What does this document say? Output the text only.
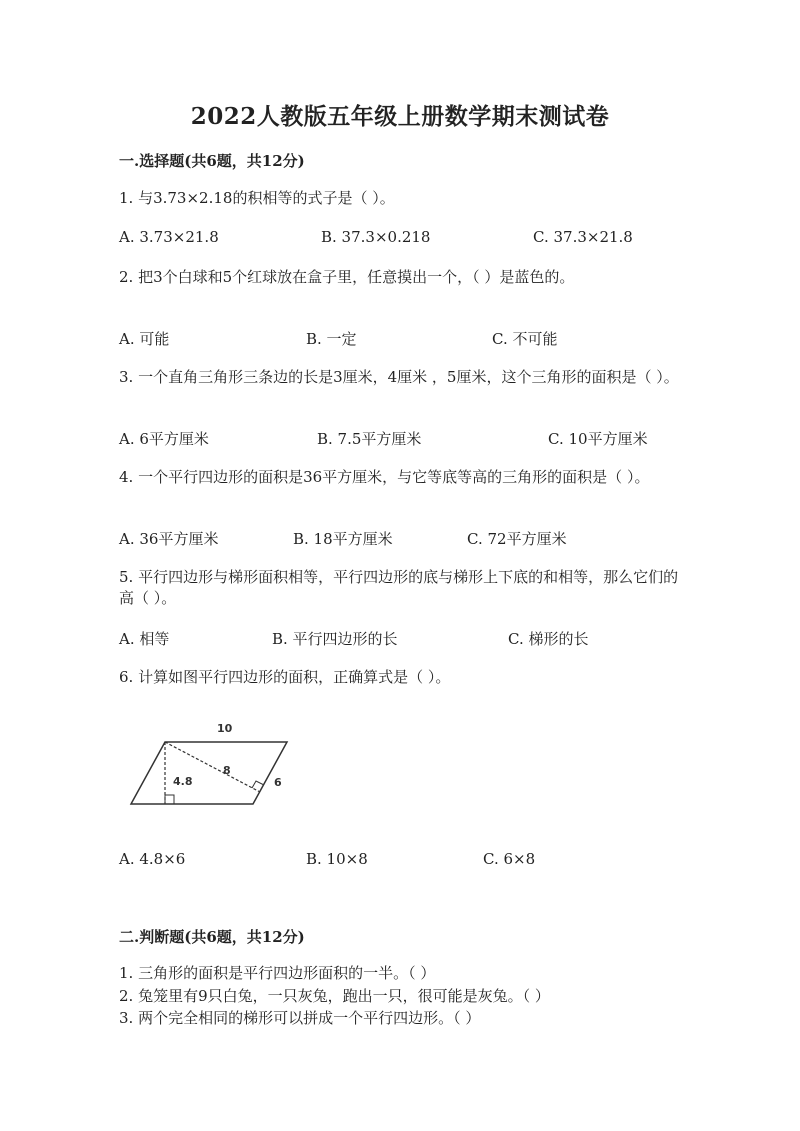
2022人教版五年级上册数学期末测试卷
一.选择题(共6题，共12分)
1. 与3.73×2.18的积相等的式子是（ ）。
A. 3.73×21.8	B. 37.3×0.218	C. 37.3×21.8
2. 把3个白球和5个红球放在盒子里，任意摸出一个，（ ）是蓝色的。
A. 可能	B. 一定	C. 不可能
3. 一个直角三角形三条边的长是3厘米，4厘米 ，5厘米，这个三角形的面积是（ ）。
A. 6平方厘米	B. 7.5平方厘米	C. 10平方厘米
4. 一个平行四边形的面积是36平方厘米，与它等底等高的三角形的面积是（ ）。
A. 36平方厘米	B. 18平方厘米	C. 72平方厘米
5. 平行四边形与梯形面积相等，平行四边形的底与梯形上下底的和相等，那么它们的高（ ）。
A. 相等	B. 平行四边形的长	C. 梯形的长
6. 计算如图平行四边形的面积，正确算式是（ ）。
10
4.8
8
6
A. 4.8×6	B. 10×8	C. 6×8
二.判断题(共6题，共12分)
1. 三角形的面积是平行四边形面积的一半。（ ）
2. 兔笼里有9只白兔，一只灰兔，跑出一只，很可能是灰兔。（ ）
3. 两个完全相同的梯形可以拼成一个平行四边形。（ ）
